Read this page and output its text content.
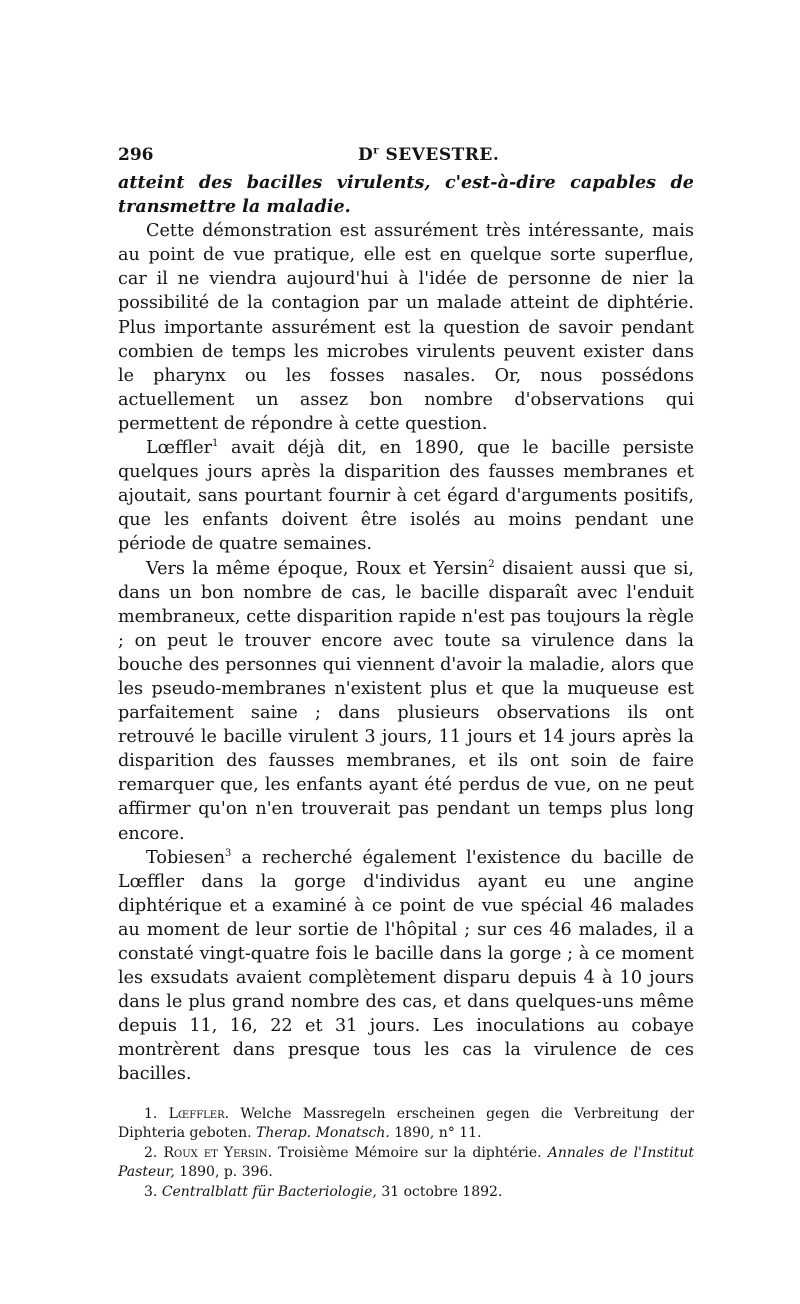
296	$D^r$ SEVESTRE.

atteint des bacilles virulents, c'est-à-dire capables de transmettre la maladie.

Cette démonstration est assurément très intéressante, mais au point de vue pratique, elle est en quelque sorte superflue, car il ne viendra aujourd'hui à l'idée de personne de nier la possibilité de la contagion par un malade atteint de diphtérie. Plus importante assurément est la question de savoir pendant combien de temps les microbes virulents peuvent exister dans le pharynx ou les fosses nasales. Or, nous possédons actuellement un assez bon nombre d'observations qui permettent de répondre à cette question.

Lœffler$^1$ avait déjà dit, en 1890, que le bacille persiste quelques jours après la disparition des fausses membranes et ajoutait, sans pourtant fournir à cet égard d'arguments positifs, que les enfants doivent être isolés au moins pendant une période de quatre semaines.

Vers la même époque, Roux et Yersin$^2$ disaient aussi que si, dans un bon nombre de cas, le bacille disparaît avec l'enduit membraneux, cette disparition rapide n'est pas toujours la règle ; on peut le trouver encore avec toute sa virulence dans la bouche des personnes qui viennent d'avoir la maladie, alors que les pseudo-membranes n'existent plus et que la muqueuse est parfaitement saine ; dans plusieurs observations ils ont retrouvé le bacille virulent 3 jours, 11 jours et 14 jours après la disparition des fausses membranes, et ils ont soin de faire remarquer que, les enfants ayant été perdus de vue, on ne peut affirmer qu'on n'en trouverait pas pendant un temps plus long encore.

Tobiesen$^3$ a recherché également l'existence du bacille de Lœffler dans la gorge d'individus ayant eu une angine diphtérique et a examiné à ce point de vue spécial 46 malades au moment de leur sortie de l'hôpital ; sur ces 46 malades, il a constaté vingt-quatre fois le bacille dans la gorge ; à ce moment les exsudats avaient complètement disparu depuis 4 à 10 jours dans le plus grand nombre des cas, et dans quelques-uns même depuis 11, 16, 22 et 31 jours. Les inoculations au cobaye montrèrent dans presque tous les cas la virulence de ces bacilles.

1. Lœffler. Welche Massregeln erscheinen gegen die Verbreitung der Diphteria geboten. Therap. Monatsch. 1890, n° 11.

2. Roux et Yersin. Troisième Mémoire sur la diphtérie. Annales de l'Institut Pasteur, 1890, p. 396.

3. Centralblatt für Bacteriologie, 31 octobre 1892.
